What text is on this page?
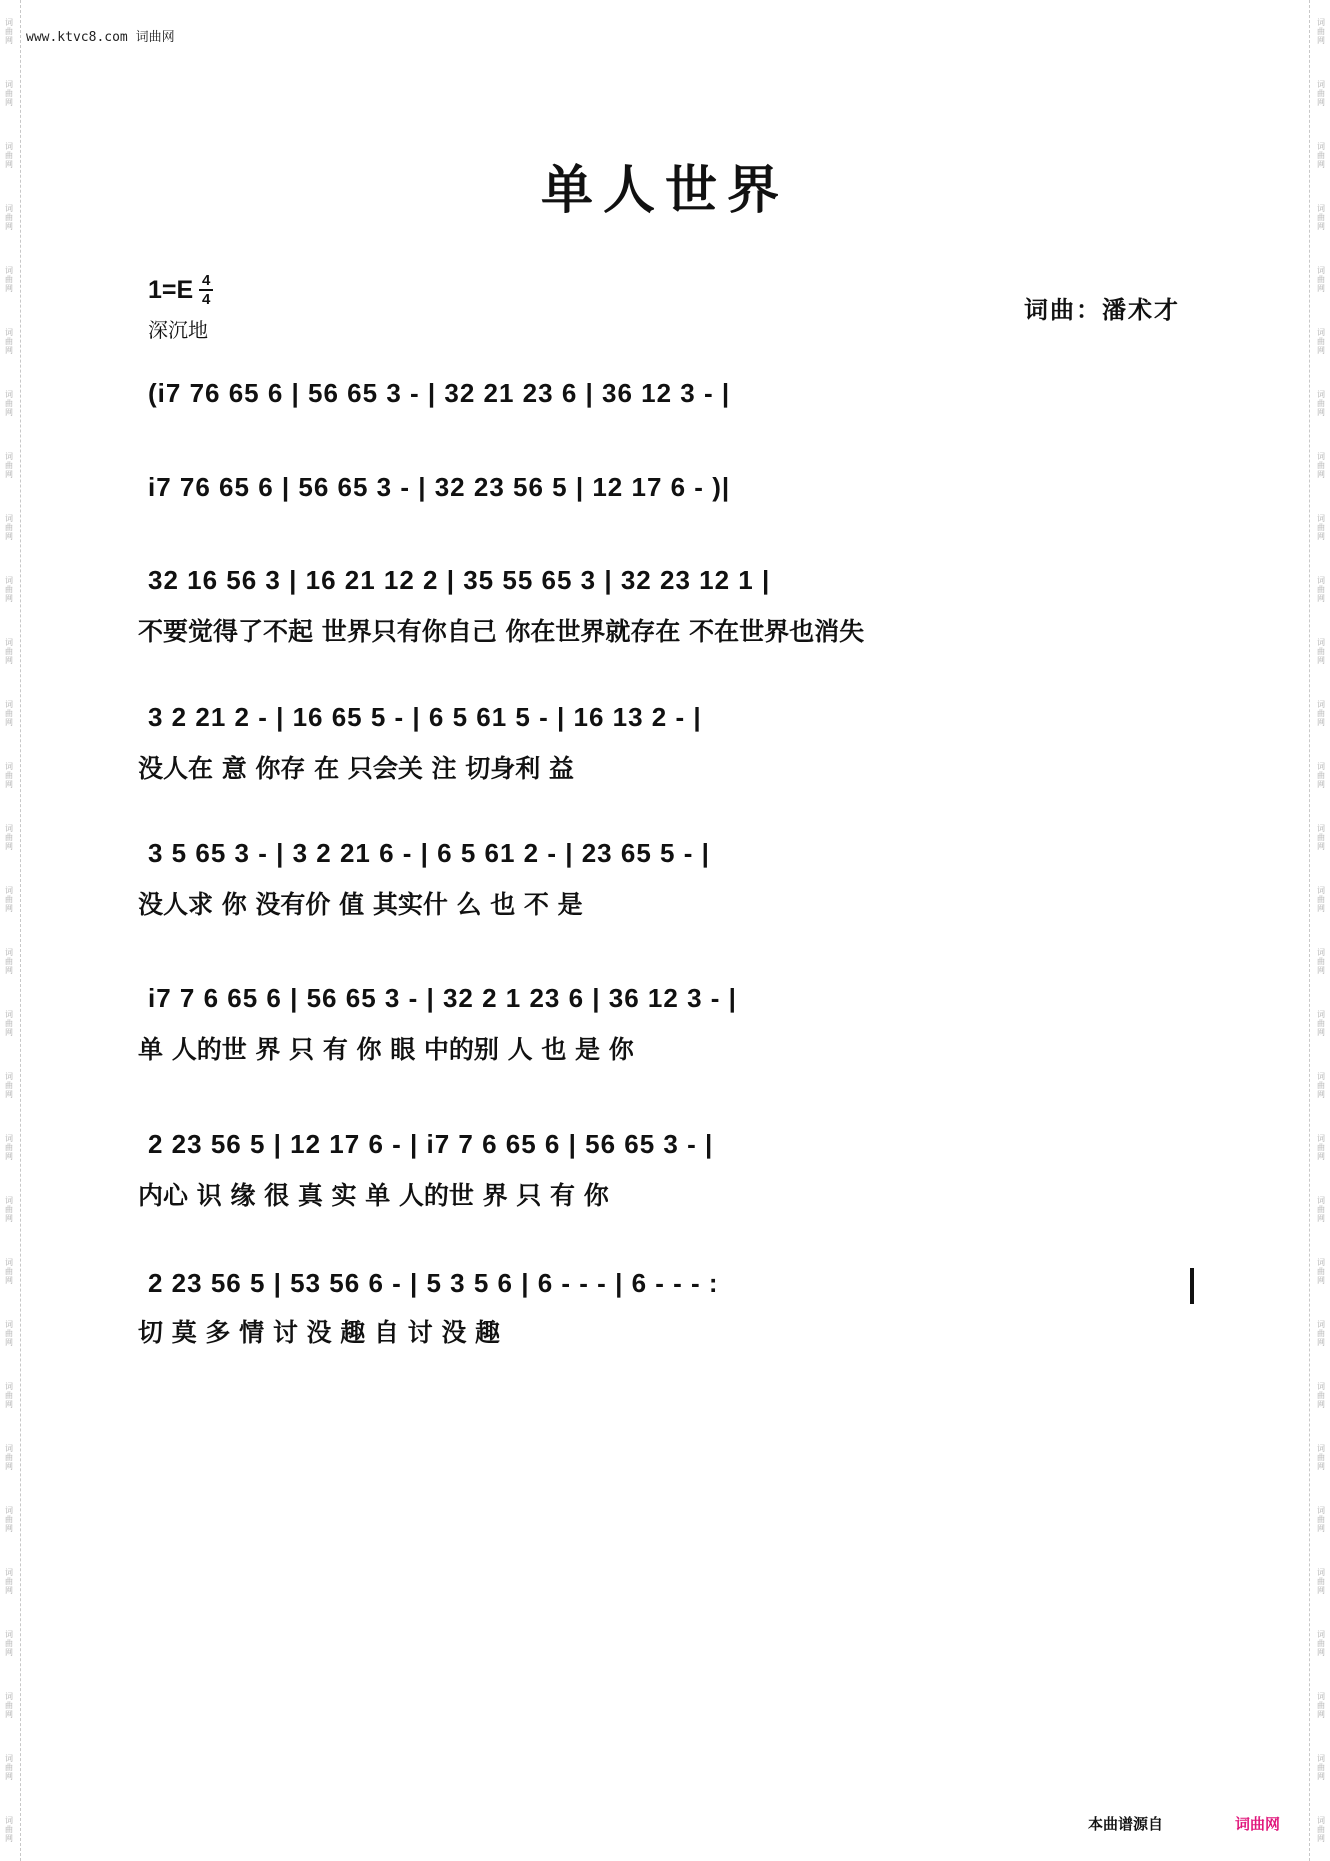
词
曲
网
词
曲
网
词
曲
网
词
曲
网
词
曲
网
词
曲
网
词
曲
网
词
曲
网
词
曲
网
词
曲
网
词
曲
网
词
曲
网
词
曲
网
词
曲
网
词
曲
网
词
曲
网
词
曲
网
词
曲
网
词
曲
网
词
曲
网
词
曲
网
词
曲
网
词
曲
网
词
曲
网
词
曲
网
词
曲
网
词
曲
网
词
曲
网
词
曲
网
词
曲
网
词
曲
网
词
曲
网
词
曲
网
词
曲
网
词
曲
网
词
曲
网
词
曲
网
词
曲
网
词
曲
网
词
曲
网
词
曲
网
词
曲
网
词
曲
网
词
曲
网
词
曲
网
词
曲
网
词
曲
网
词
曲
网
词
曲
网
词
曲
网
词
曲
网
词
曲
网
词
曲
网
词
曲
网
词
曲
网
词
曲
网
词
曲
网
词
曲
网
词
曲
网
词
曲
网
www.ktvc8.com 词曲网
单人世界
1=E 4
4
深沉地
词曲：潘术才
(i7 76 65 6 | 56 65 3 - | 32 21 23 6 | 36 12 3 - |
i7 76 65 6 | 56 65 3 - | 32 23 56 5 | 12 17 6 - )|
32 16 56 3 | 16 21 12 2 | 35 55 65 3 | 32 23 12 1 |
不要觉得了不起 世界只有你自己 你在世界就存在 不在世界也消失
3 2 21 2 - | 16 65 5 - | 6 5 61 5 - | 16 13 2 - |
没人在 意 你存 在 只会关 注 切身利 益
3 5 65 3 - | 3 2 21 6 - | 6 5 61 2 - | 23 65 5 - |
没人求 你 没有价 值 其实什 么 也 不 是
i7 7 6 65 6 | 56 65 3 - | 32 2 1 23 6 | 36 12 3 - |
单 人的世 界 只 有 你 眼 中的别 人 也 是 你
2 23 56 5 | 12 17 6 - | i7 7 6 65 6 | 56 65 3 - |
内心 识 缘 很 真 实 单 人的世 界 只 有 你
2 23 56 5 | 53 56 6 - | 5 3 5 6 | 6 - - - | 6 - - - :
切 莫 多 情 讨 没 趣 自 讨 没 趣
本曲谱源自	词曲网
